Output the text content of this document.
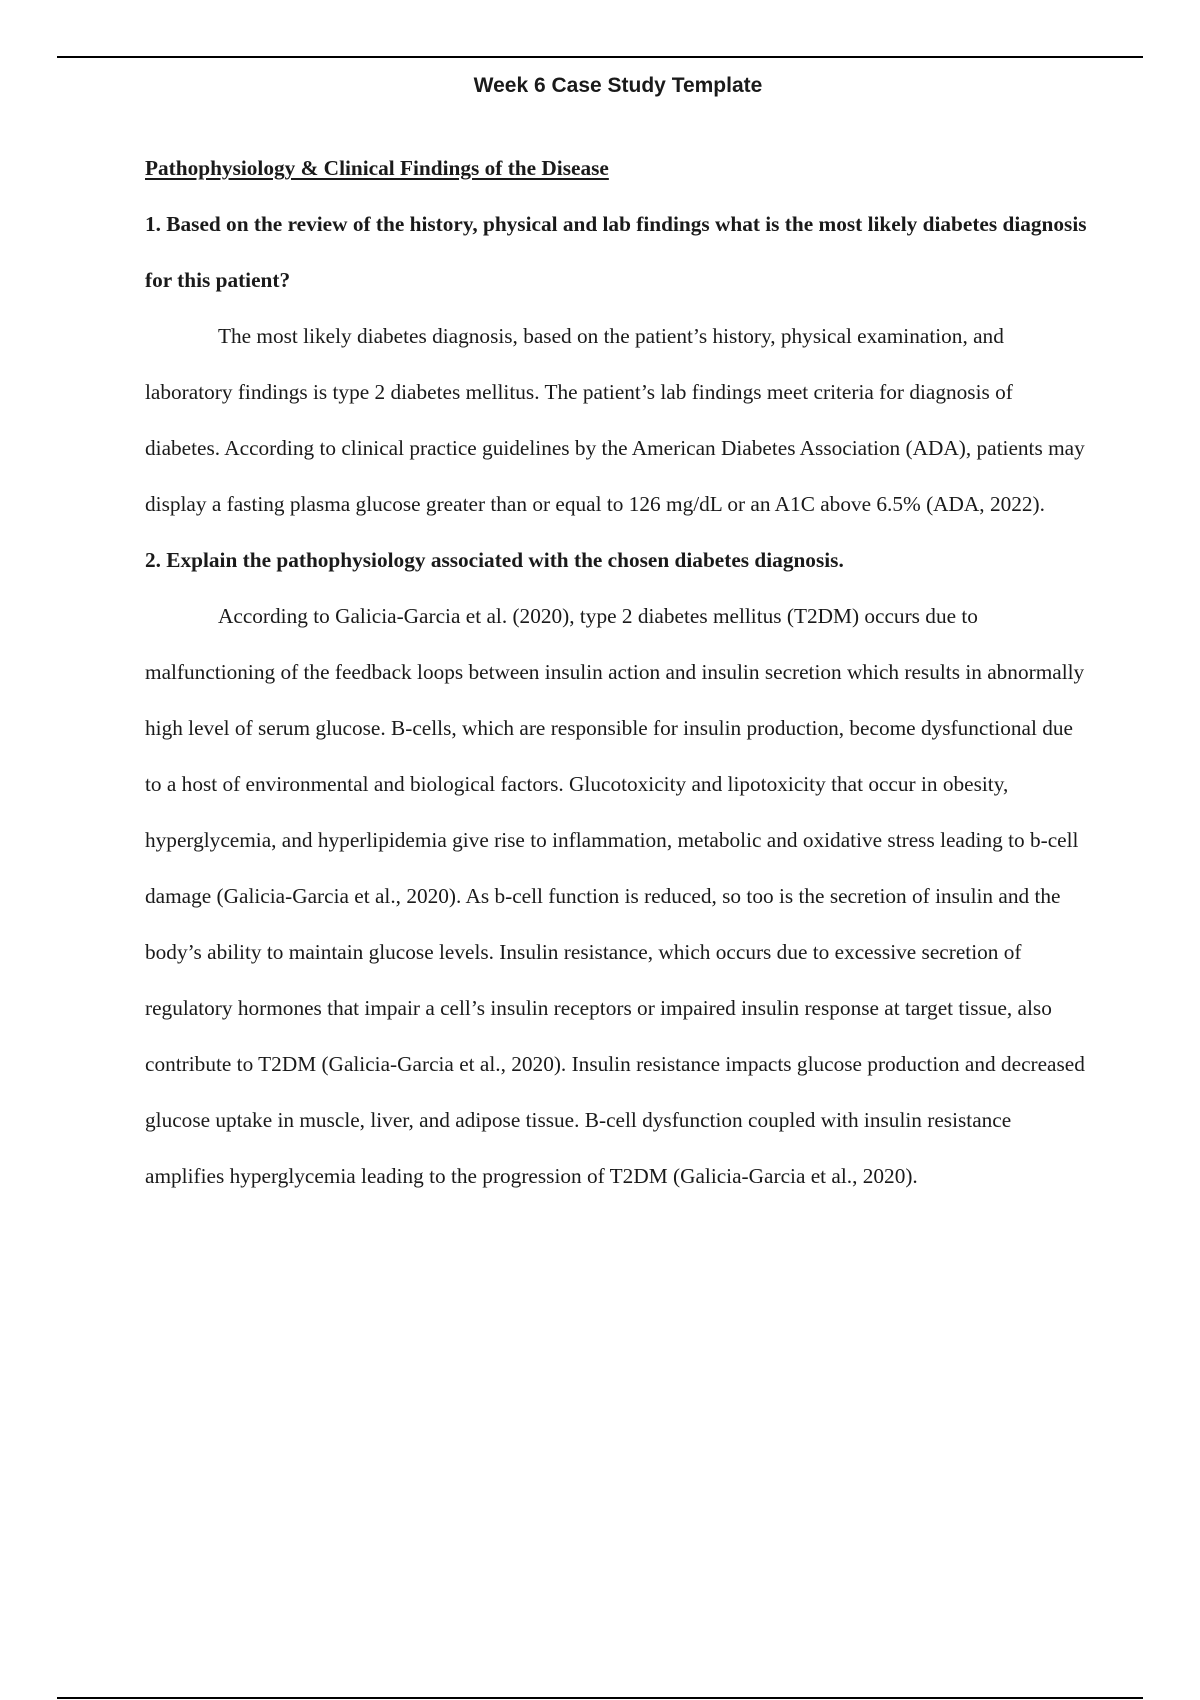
Week 6 Case Study Template

Pathophysiology & Clinical Findings of the Disease

1. Based on the review of the history, physical and lab findings what is the most likely diabetes diagnosis for this patient?

The most likely diabetes diagnosis, based on the patient’s history, physical examination, and laboratory findings is type 2 diabetes mellitus. The patient’s lab findings meet criteria for diagnosis of diabetes. According to clinical practice guidelines by the American Diabetes Association (ADA), patients may display a fasting plasma glucose greater than or equal to 126 mg/dL or an A1C above 6.5% (ADA, 2022).

2. Explain the pathophysiology associated with the chosen diabetes diagnosis.

According to Galicia-Garcia et al. (2020), type 2 diabetes mellitus (T2DM) occurs due to malfunctioning of the feedback loops between insulin action and insulin secretion which results in abnormally high level of serum glucose. B-cells, which are responsible for insulin production, become dysfunctional due to a host of environmental and biological factors. Glucotoxicity and lipotoxicity that occur in obesity, hyperglycemia, and hyperlipidemia give rise to inflammation, metabolic and oxidative stress leading to b-cell damage (Galicia-Garcia et al., 2020). As b-cell function is reduced, so too is the secretion of insulin and the body’s ability to maintain glucose levels. Insulin resistance, which occurs due to excessive secretion of regulatory hormones that impair a cell’s insulin receptors or impaired insulin response at target tissue, also contribute to T2DM (Galicia-Garcia et al., 2020). Insulin resistance impacts glucose production and decreased glucose uptake in muscle, liver, and adipose tissue. B-cell dysfunction coupled with insulin resistance amplifies hyperglycemia leading to the progression of T2DM (Galicia-Garcia et al., 2020).
